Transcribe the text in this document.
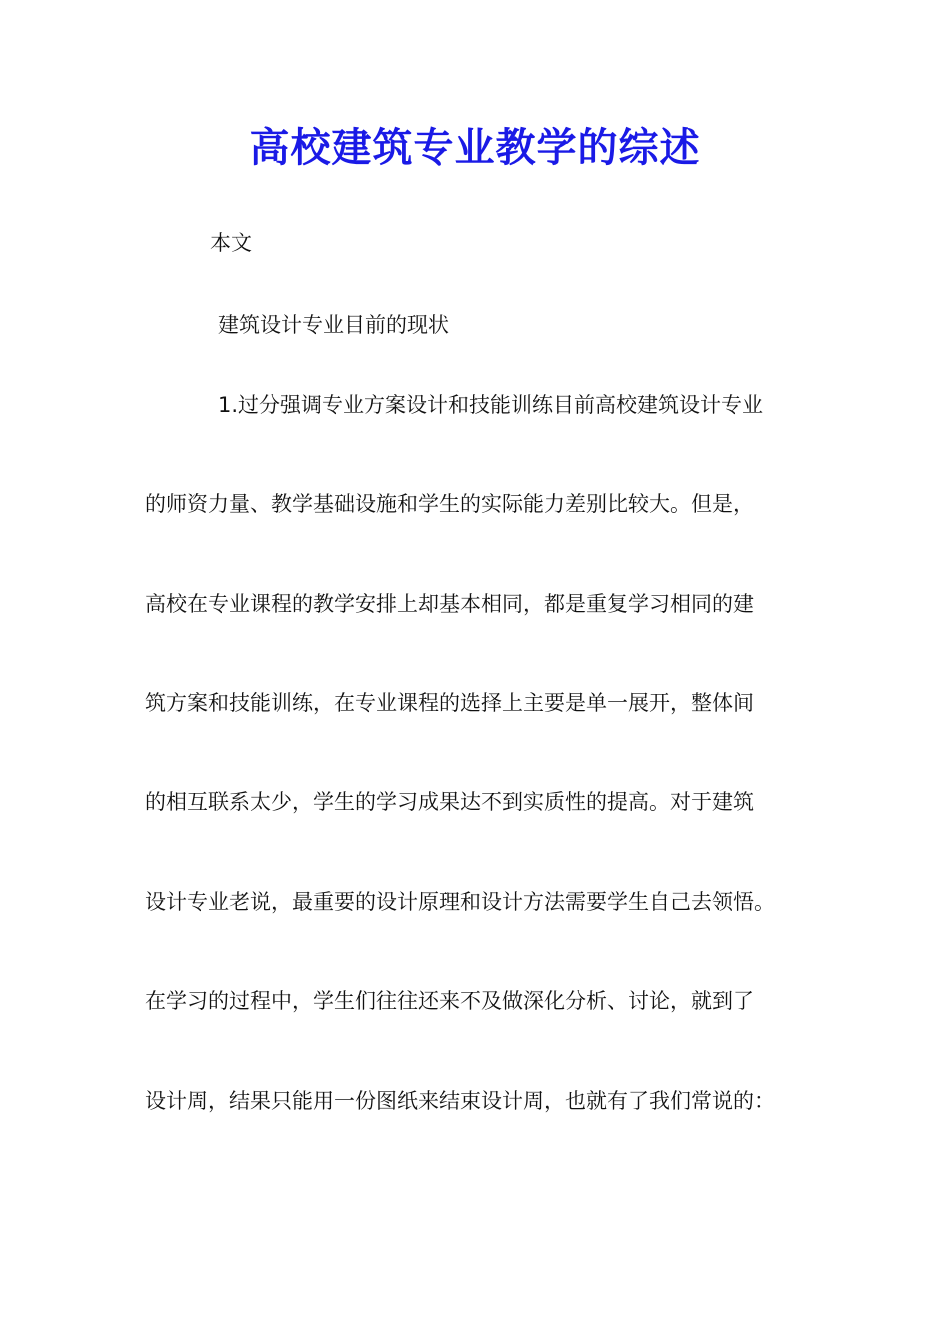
高校建筑专业教学的综述

本文

建筑设计专业目前的现状

1.过分强调专业方案设计和技能训练目前高校建筑设计专业

的师资力量、教学基础设施和学生的实际能力差别比较大。但是，

高校在专业课程的教学安排上却基本相同，都是重复学习相同的建

筑方案和技能训练，在专业课程的选择上主要是单一展开，整体间

的相互联系太少，学生的学习成果达不到实质性的提高。对于建筑

设计专业老说，最重要的设计原理和设计方法需要学生自己去领悟。

在学习的过程中，学生们往往还来不及做深化分析、讨论，就到了

设计周，结果只能用一份图纸来结束设计周，也就有了我们常说的：
